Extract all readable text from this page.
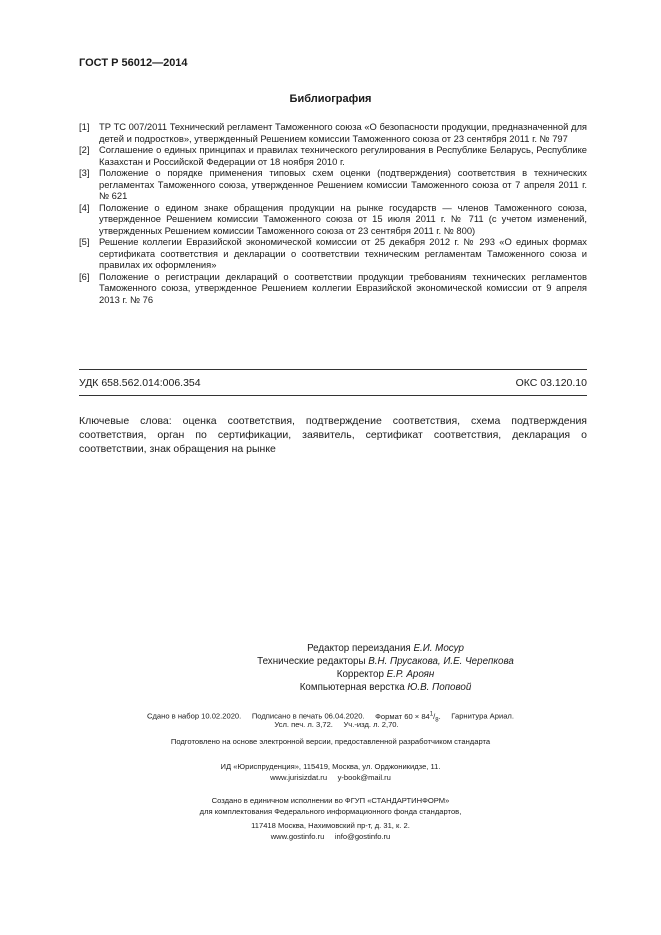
ГОСТ Р 56012—2014
Библиография
[1]	ТР ТС 007/2011 Технический регламент Таможенного союза «О безопасности продукции, предназначенной для детей и подростков», утвержденный Решением комиссии Таможенного союза от 23 сентября 2011 г. № 797
[2]	Соглашение о единых принципах и правилах технического регулирования в Республике Беларусь, Республике Казахстан и Российской Федерации от 18 ноября 2010 г.
[3]	Положение о порядке применения типовых схем оценки (подтверждения) соответствия в технических регламентах Таможенного союза, утвержденное Решением комиссии Таможенного союза от 7 апреля 2011 г. № 621
[4]	Положение о едином знаке обращения продукции на рынке государств — членов Таможенного союза, утвержденное Решением комиссии Таможенного союза от 15 июля 2011 г. № 711 (с учетом изменений, утвержденных Решением комиссии Таможенного союза от 23 сентября 2011 г. № 800)
[5]	Решение коллегии Евразийской экономической комиссии от 25 декабря 2012 г. № 293 «О единых формах сертификата соответствия и декларации о соответствии техническим регламентам Таможенного союза и правилах их оформления»
[6]	Положение о регистрации деклараций о соответствии продукции требованиям технических регламентов Таможенного союза, утвержденное Решением коллегии Евразийской экономической комиссии от 9 апреля 2013 г. № 76
УДК 658.562.014:006.354	ОКС 03.120.10
Ключевые слова: оценка соответствия, подтверждение соответствия, схема подтверждения соответствия, орган по сертификации, заявитель, сертификат соответствия, декларация о соответствии, знак обращения на рынке
Редактор переиздания Е.И. Мосур
Технические редакторы В.Н. Прусакова, И.Е. Черепкова
Корректор Е.Р. Ароян
Компьютерная верстка Ю.В. Поповой
Сдано в набор 10.02.2020. Подписано в печать 06.04.2020. Формат $60 \times 84^1/_8$. Гарнитура Ариал.
Усл. печ. л. 3,72. Уч.-изд. л. 2,70.
Подготовлено на основе электронной версии, предоставленной разработчиком стандарта
ИД «Юриспруденция», 115419, Москва, ул. Орджоникидзе, 11.
www.jurisizdat.ru y-book@mail.ru
Создано в единичном исполнении во ФГУП «СТАНДАРТИНФОРМ»
для комплектования Федерального информационного фонда стандартов,
117418 Москва, Нахимовский пр-т, д. 31, к. 2.
www.gostinfo.ru info@gostinfo.ru
